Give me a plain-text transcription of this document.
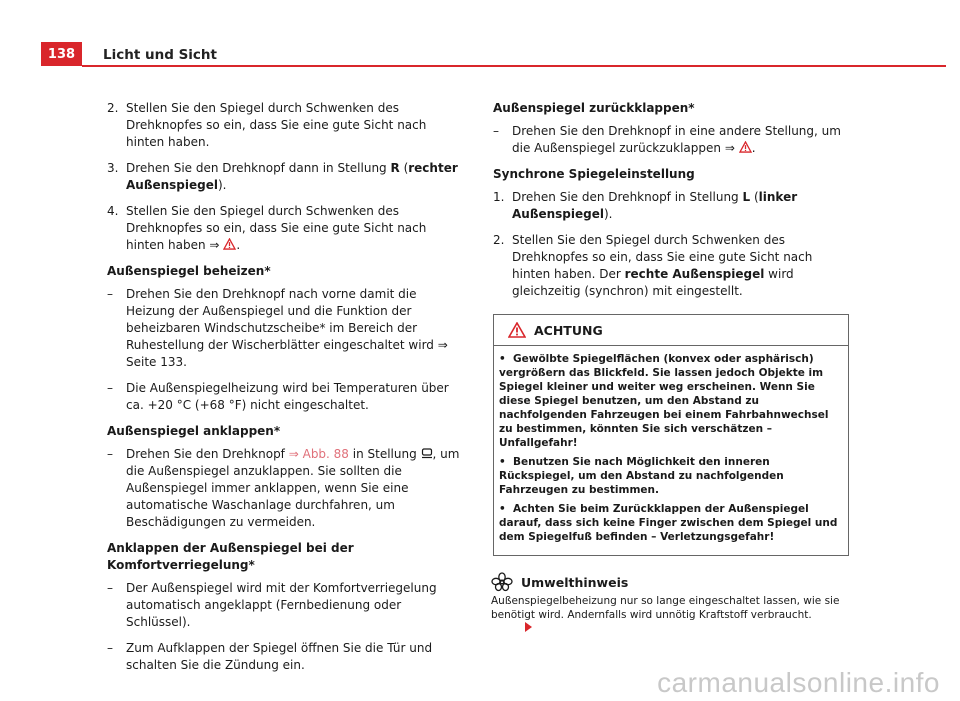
138	Licht und Sicht
2. Stellen Sie den Spiegel durch Schwenken des Drehknopfes so ein, dass Sie eine gute Sicht nach hinten haben.
3. Drehen Sie den Drehknopf dann in Stellung R (rechter Außenspiegel).
4. Stellen Sie den Spiegel durch Schwenken des Drehknopfes so ein, dass Sie eine gute Sicht nach hinten haben ⇒ .
Außenspiegel beheizen*
– Drehen Sie den Drehknopf nach vorne damit die Heizung der Außenspiegel und die Funktion der beheizbaren Windschutzscheibe* im Bereich der Ruhestellung der Wischerblätter eingeschaltet wird ⇒ Seite 133.
– Die Außenspiegelheizung wird bei Temperaturen über ca. +20 °C (+68 °F) nicht eingeschaltet.
Außenspiegel anklappen*
– Drehen Sie den Drehknopf ⇒ Abb. 88 in Stellung , um die Außenspiegel anzuklappen. Sie sollten die Außenspiegel immer anklappen, wenn Sie eine automatische Waschanlage durchfahren, um Beschädigungen zu vermeiden.
Anklappen der Außenspiegel bei der Komfortverriegelung*
– Der Außenspiegel wird mit der Komfortverriegelung automatisch angeklappt (Fernbedienung oder Schlüssel).
– Zum Aufklappen der Spiegel öffnen Sie die Tür und schalten Sie die Zündung ein.
Außenspiegel zurückklappen*
– Drehen Sie den Drehknopf in eine andere Stellung, um die Außenspiegel zurückzuklappen ⇒ .
Synchrone Spiegeleinstellung
1. Drehen Sie den Drehknopf in Stellung L (linker Außenspiegel).
2. Stellen Sie den Spiegel durch Schwenken des Drehknopfes so ein, dass Sie eine gute Sicht nach hinten haben. Der rechte Außenspiegel wird gleichzeitig (synchron) mit eingestellt.
ACHTUNG

• Gewölbte Spiegelflächen (konvex oder asphärisch) vergrößern das Blickfeld. Sie lassen jedoch Objekte im Spiegel kleiner und weiter weg erscheinen. Wenn Sie diese Spiegel benutzen, um den Abstand zu nachfolgenden Fahrzeugen bei einem Fahrbahnwechsel zu bestimmen, könnten Sie sich verschätzen – Unfallgefahr!

• Benutzen Sie nach Möglichkeit den inneren Rückspiegel, um den Abstand zu nachfolgenden Fahrzeugen zu bestimmen.

• Achten Sie beim Zurückklappen der Außenspiegel darauf, dass sich keine Finger zwischen dem Spiegel und dem Spiegelfuß befinden – Verletzungsgefahr!

Umwelthinweis
Außenspiegelbeheizung nur so lange eingeschaltet lassen, wie sie benötigt wird. Andernfalls wird unnötig Kraftstoff verbraucht.
carmanualsonline.info
